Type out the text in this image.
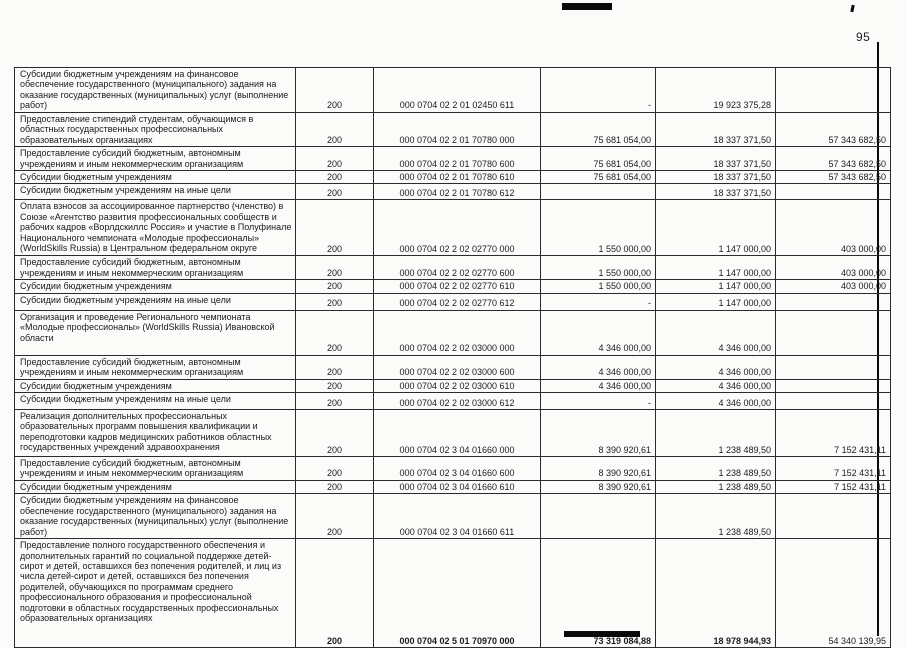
95
Субсидии бюджетным учреждениям на финансовое обеспечение государственного (муниципального) задания на оказание государственных (муниципальных) услуг (выполнение работ)	200	000 0704 02 2 01 02450 611	-	19 923 375,28	
Предоставление стипендий студентам, обучающимся в областных государственных профессиональных образовательных организациях	200	000 0704 02 2 01 70780 000	75 681 054,00	18 337 371,50	57 343 682,50
Предоставление субсидий бюджетным, автономным учреждениям и иным некоммерческим организациям	200	000 0704 02 2 01 70780 600	75 681 054,00	18 337 371,50	57 343 682,50
Субсидии бюджетным учреждениям	200	000 0704 02 2 01 70780 610	75 681 054,00	18 337 371,50	57 343 682,50
Субсидии бюджетным учреждениям на иные цели	200	000 0704 02 2 01 70780 612		18 337 371,50	
Оплата взносов за ассоциированное партнерство (членство) в Союзе «Агентство развития профессиональных сообществ и рабочих кадров «Ворлдскиллс Россия» и участие в Полуфинале Национального чемпионата «Молодые профессионалы» (WorldSkills Russia) в Центральном федеральном округе	200	000 0704 02 2 02 02770 000	1 550 000,00	1 147 000,00	403 000,00
Предоставление субсидий бюджетным, автономным учреждениям и иным некоммерческим организациям	200	000 0704 02 2 02 02770 600	1 550 000,00	1 147 000,00	403 000,00
Субсидии бюджетным учреждениям	200	000 0704 02 2 02 02770 610	1 550 000,00	1 147 000,00	403 000,00
Субсидии бюджетным учреждениям на иные цели	200	000 0704 02 2 02 02770 612	-	1 147 000,00	
Организация и проведение Регионального чемпионата «Молодые профессионалы» (WorldSkills Russia) Ивановской области	200	000 0704 02 2 02 03000 000	4 346 000,00	4 346 000,00	
Предоставление субсидий бюджетным, автономным учреждениям и иным некоммерческим организациям	200	000 0704 02 2 02 03000 600	4 346 000,00	4 346 000,00	
Субсидии бюджетным учреждениям	200	000 0704 02 2 02 03000 610	4 346 000,00	4 346 000,00	
Субсидии бюджетным учреждениям на иные цели	200	000 0704 02 2 02 03000 612	-	4 346 000,00	
Реализация дополнительных профессиональных образовательных программ повышения квалификации и переподготовки кадров медицинских работников областных государственных учреждений здравоохранения	200	000 0704 02 3 04 01660 000	8 390 920,61	1 238 489,50	7 152 431,11
Предоставление субсидий бюджетным, автономным учреждениям и иным некоммерческим организациям	200	000 0704 02 3 04 01660 600	8 390 920,61	1 238 489,50	7 152 431,11
Субсидии бюджетным учреждениям	200	000 0704 02 3 04 01660 610	8 390 920,61	1 238 489,50	7 152 431,11
Субсидии бюджетным учреждениям на финансовое обеспечение государственного (муниципального) задания на оказание государственных (муниципальных) услуг (выполнение работ)	200	000 0704 02 3 04 01660 611		1 238 489,50	
Предоставление полного государственного обеспечения и дополнительных гарантий по социальной поддержке детей-сирот и детей, оставшихся без попечения родителей, и лиц из числа детей-сирот и детей, оставшихся без попечения родителей, обучающихся по программам среднего профессионального образования и профессиональной подготовки в областных государственных профессиональных образовательных организациях	200	000 0704 02 5 01 70970 000	73 319 084,88	18 978 944,93	54 340 139,95
